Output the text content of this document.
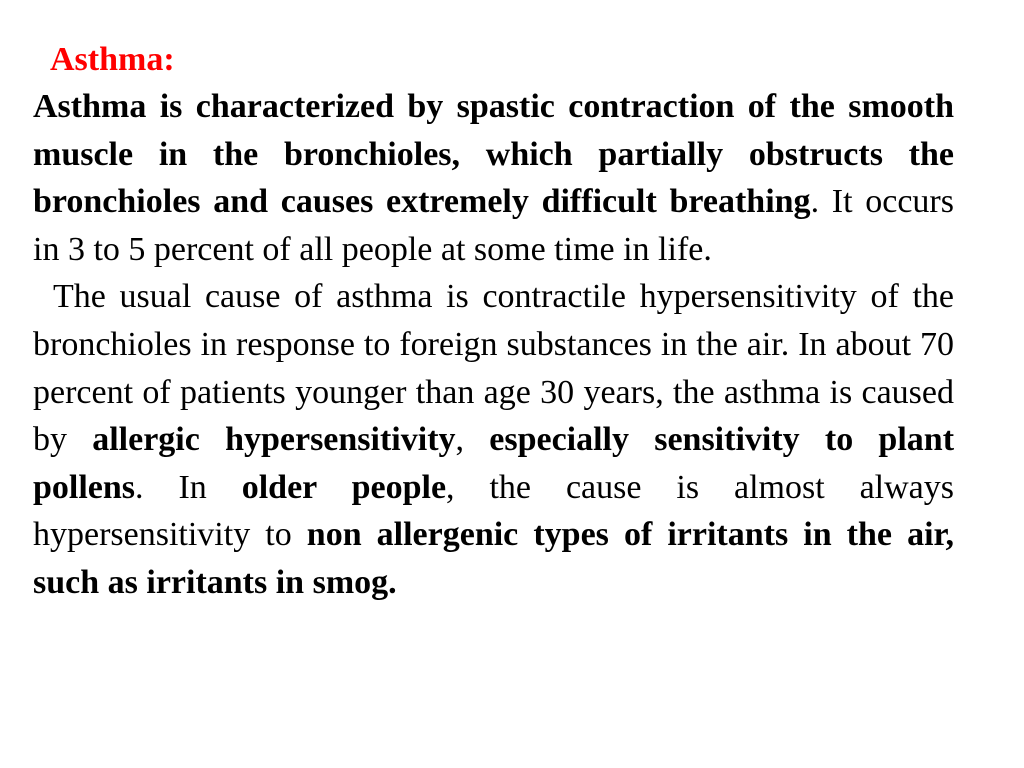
Asthma:

Asthma is characterized by spastic contraction of the smooth muscle in the bronchioles, which partially obstructs the bronchioles and causes extremely difficult breathing. It occurs in 3 to 5 percent of all people at some time in life.

The usual cause of asthma is contractile hypersensitivity of the bronchioles in response to foreign substances in the air. In about 70 percent of patients younger than age 30 years, the asthma is caused by allergic hypersensitivity, especially sensitivity to plant pollens. In older people, the cause is almost always hypersensitivity to non allergenic types of irritants in the air, such as irritants in smog.
